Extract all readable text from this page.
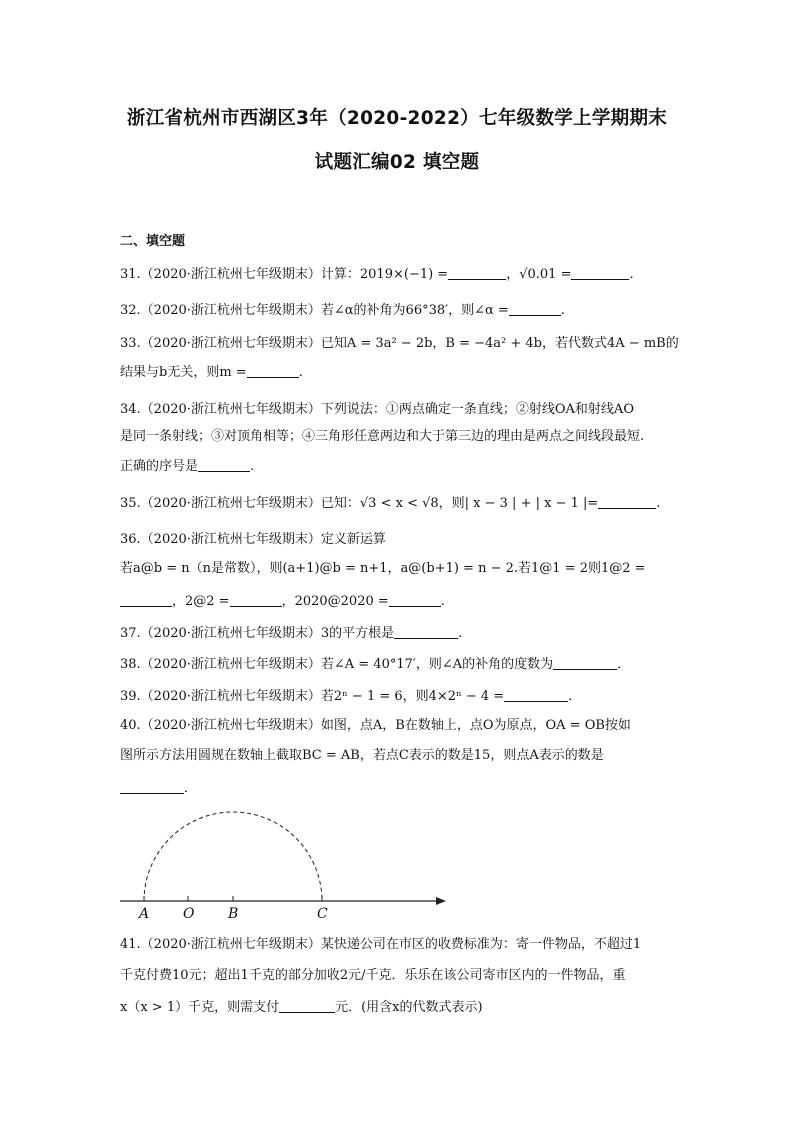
浙江省杭州市西湖区3年（2020-2022）七年级数学上学期期末
试题汇编02 填空题
二、填空题
31.（2020·浙江杭州七年级期末）计算：2019×(−1) =	，√0.01 =	.
32.（2020·浙江杭州七年级期末）若∠α的补角为66°38′，则∠α =	.
33.（2020·浙江杭州七年级期末）已知A = 3a² − 2b，B = −4a² + 4b，若代数式4A − mB的
结果与b无关，则m =	.
34.（2020·浙江杭州七年级期末）下列说法：①两点确定一条直线；②射线OA和射线AO
是同一条射线；③对顶角相等；④三角形任意两边和大于第三边的理由是两点之间线段最短.
正确的序号是	.
35.（2020·浙江杭州七年级期末）已知：√3 < x < √8，则| x − 3 | + | x − 1 |=	.
36.（2020·浙江杭州七年级期末）定义新运算
若a@b = n（n是常数），则(a+1)@b = n+1，a@(b+1) = n − 2.若1@1 = 2则1@2 =
，2@2 =	，2020@2020 =	.
37.（2020·浙江杭州七年级期末）3的平方根是	.
38.（2020·浙江杭州七年级期末）若∠A = 40°17′，则∠A的补角的度数为	．
39.（2020·浙江杭州七年级期末）若2ⁿ − 1 = 6，则4×2ⁿ − 4 =	．
40.（2020·浙江杭州七年级期末）如图，点A，B在数轴上，点O为原点，OA = OB按如
图所示方法用圆规在数轴上截取BC = AB，若点C表示的数是15，则点A表示的数是
．
A O B	C
41.（2020·浙江杭州七年级期末）某快递公司在市区的收费标准为：寄一件物品，不超过1
千克付费10元；超出1千克的部分加收2元/千克．乐乐在该公司寄市区内的一件物品，重
x（x > 1）千克，则需支付	元．(用含x的代数式表示)
